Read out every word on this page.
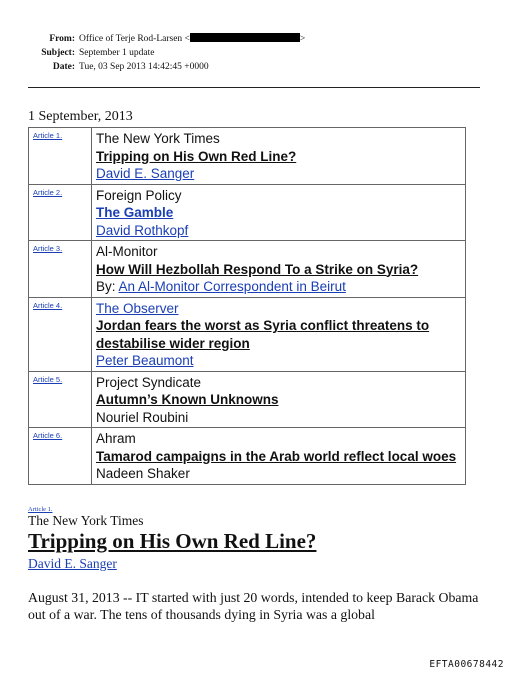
From: Office of Terje Rod-Larsen <	>
Subject: September 1 update
Date: Tue, 03 Sep 2013 14:42:45 +0000
1 September, 2013
Article 1.	The New York Times
Tripping on His Own Red Line?
David E. Sanger

Article 2.	Foreign Policy
The Gamble
David Rothkopf

Article 3.	Al-Monitor
How Will Hezbollah Respond To a Strike on Syria?
By: An Al-Monitor Correspondent in Beirut

Article 4.	The Observer
Jordan fears the worst as Syria conflict threatens to destabilise wider region
Peter Beaumont

Article 5.	Project Syndicate
Autumn’s Known Unknowns
Nouriel Roubini

Article 6.	Ahram
Tamarod campaigns in the Arab world reflect local woes
Nadeen Shaker
Article 1.
The New York Times
Tripping on His Own Red Line?
David E. Sanger
August 31, 2013 -- IT started with just 20 words, intended to keep Barack Obama out of a war. The tens of thousands dying in Syria was a global
EFTA00678442
